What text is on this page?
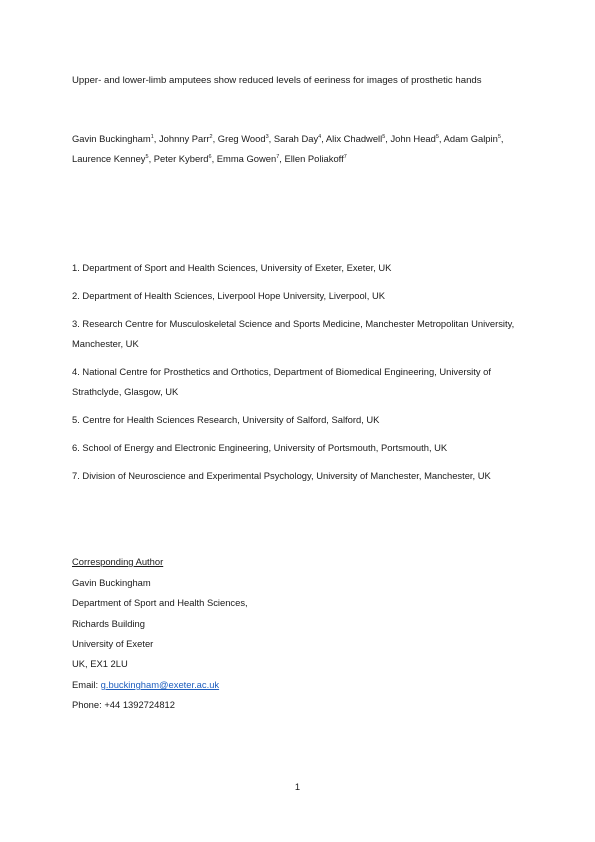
Upper- and lower-limb amputees show reduced levels of eeriness for images of prosthetic hands
Gavin Buckingham$^1$, Johnny Parr$^2$, Greg Wood$^3$, Sarah Day$^4$, Alix Chadwell$^5$, John Head$^5$, Adam Galpin$^5$, Laurence Kenney$^5$, Peter Kyberd$^6$, Emma Gowen$^7$, Ellen Poliakoff$^7$
1. Department of Sport and Health Sciences, University of Exeter, Exeter, UK
2. Department of Health Sciences, Liverpool Hope University, Liverpool, UK
3. Research Centre for Musculoskeletal Science and Sports Medicine, Manchester Metropolitan University, Manchester, UK
4. National Centre for Prosthetics and Orthotics, Department of Biomedical Engineering, University of Strathclyde, Glasgow, UK
5. Centre for Health Sciences Research, University of Salford, Salford, UK
6. School of Energy and Electronic Engineering, University of Portsmouth, Portsmouth, UK
7. Division of Neuroscience and Experimental Psychology, University of Manchester, Manchester, UK
Corresponding Author
Gavin Buckingham
Department of Sport and Health Sciences,
Richards Building
University of Exeter
UK, EX1 2LU
Email: g.buckingham@exeter.ac.uk
Phone: +44 1392724812
1
